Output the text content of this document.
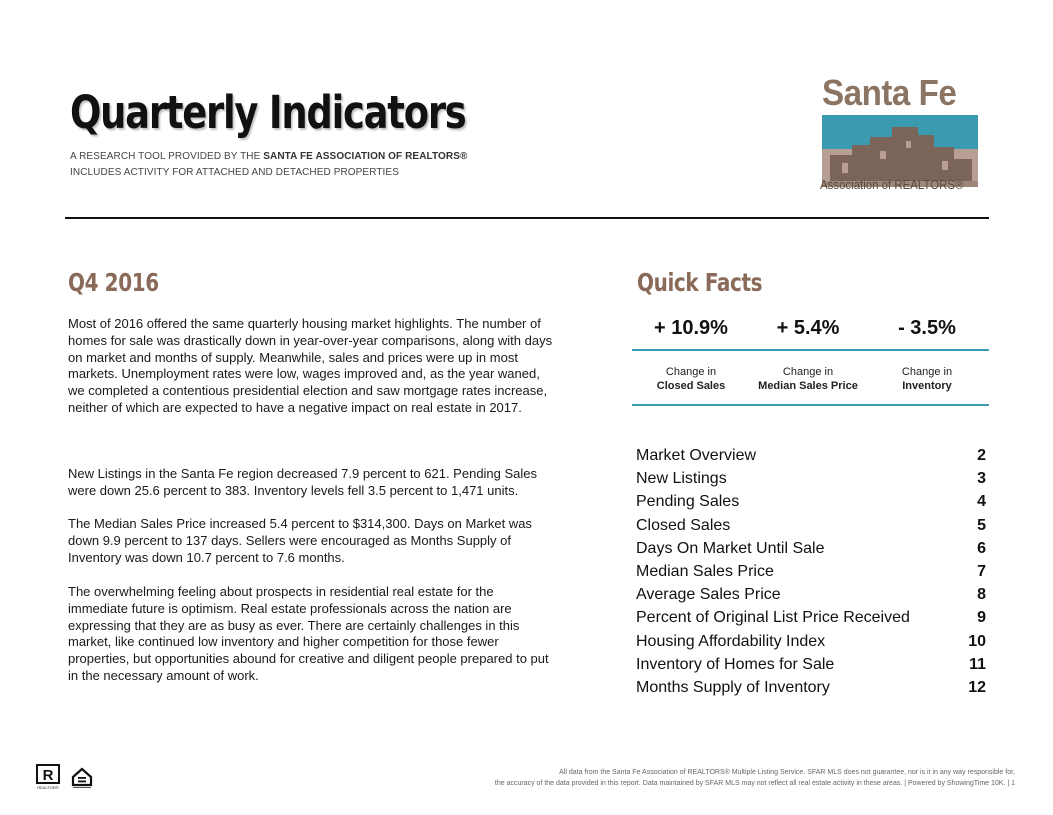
Quarterly Indicators
A RESEARCH TOOL PROVIDED BY THE SANTA FE ASSOCIATION OF REALTORS®
INCLUDES ACTIVITY FOR ATTACHED AND DETACHED PROPERTIES
Santa Fe
Association of REALTORS®
Q4 2016
Most of 2016 offered the same quarterly housing market highlights. The number of homes for sale was drastically down in year-over-year comparisons, along with days on market and months of supply. Meanwhile, sales and prices were up in most markets. Unemployment rates were low, wages improved and, as the year waned, we completed a contentious presidential election and saw mortgage rates increase, neither of which are expected to have a negative impact on real estate in 2017.
New Listings in the Santa Fe region decreased 7.9 percent to 621. Pending Sales were down 25.6 percent to 383. Inventory levels fell 3.5 percent to 1,471 units.
The Median Sales Price increased 5.4 percent to $314,300. Days on Market was down 9.9 percent to 137 days. Sellers were encouraged as Months Supply of Inventory was down 10.7 percent to 7.6 months.
The overwhelming feeling about prospects in residential real estate for the immediate future is optimism. Real estate professionals across the nation are expressing that they are as busy as ever. There are certainly challenges in this market, like continued low inventory and higher competition for those fewer properties, but opportunities abound for creative and diligent people prepared to put in the necessary amount of work.
Quick Facts
+ 10.9%	+ 5.4%	- 3.5%
Change in
Closed Sales
Change in
Median Sales Price
Change in
Inventory
Market Overview	2
New Listings	3
Pending Sales	4
Closed Sales	5
Days On Market Until Sale	6
Median Sales Price	7
Average Sales Price	8
Percent of Original List Price Received	9
Housing Affordability Index	10
Inventory of Homes for Sale	11
Months Supply of Inventory	12
R
REALTOR®
All data from the Santa Fe Association of REALTORS® Multiple Listing Service. SFAR MLS does not guarantee, nor is it in any way responsible for,
the accuracy of the data provided in this report. Data maintained by SFAR MLS may not reflect all real estate activity in these areas. | Powered by ShowingTime 10K. | 1
